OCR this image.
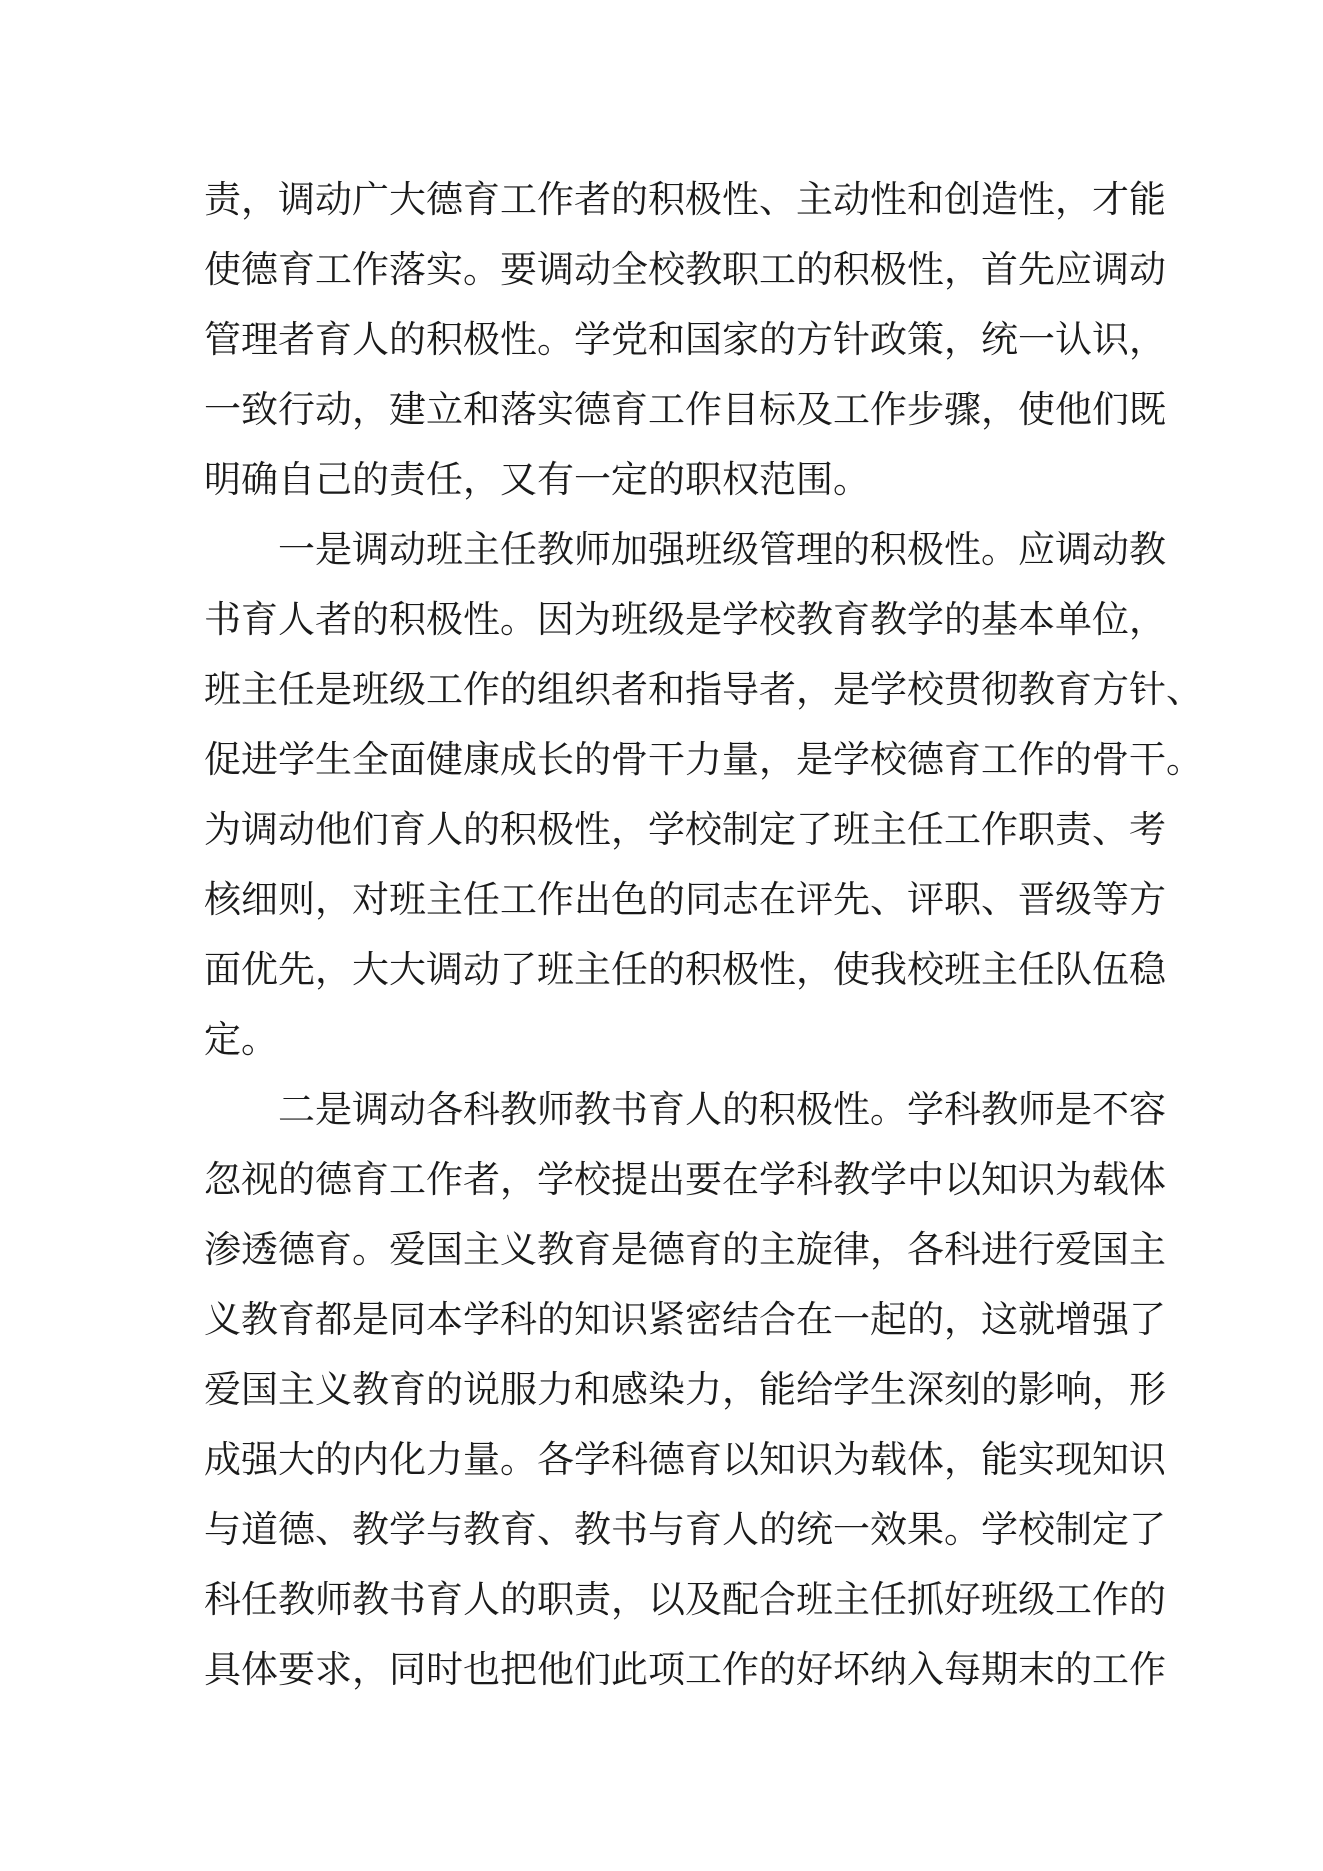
责，调动广大德育工作者的积极性、主动性和创造性，才能
使德育工作落实。要调动全校教职工的积极性，首先应调动
管理者育人的积极性。学党和国家的方针政策，统一认识，
一致行动，建立和落实德育工作目标及工作步骤，使他们既
明确自己的责任，又有一定的职权范围。
一是调动班主任教师加强班级管理的积极性。应调动教
书育人者的积极性。因为班级是学校教育教学的基本单位，
班主任是班级工作的组织者和指导者，是学校贯彻教育方针、
促进学生全面健康成长的骨干力量，是学校德育工作的骨干。
为调动他们育人的积极性，学校制定了班主任工作职责、考
核细则，对班主任工作出色的同志在评先、评职、晋级等方
面优先，大大调动了班主任的积极性，使我校班主任队伍稳
定。
二是调动各科教师教书育人的积极性。学科教师是不容
忽视的德育工作者，学校提出要在学科教学中以知识为载体
渗透德育。爱国主义教育是德育的主旋律，各科进行爱国主
义教育都是同本学科的知识紧密结合在一起的，这就增强了
爱国主义教育的说服力和感染力，能给学生深刻的影响，形
成强大的内化力量。各学科德育以知识为载体，能实现知识
与道德、教学与教育、教书与育人的统一效果。学校制定了
科任教师教书育人的职责，以及配合班主任抓好班级工作的
具体要求，同时也把他们此项工作的好坏纳入每期末的工作
